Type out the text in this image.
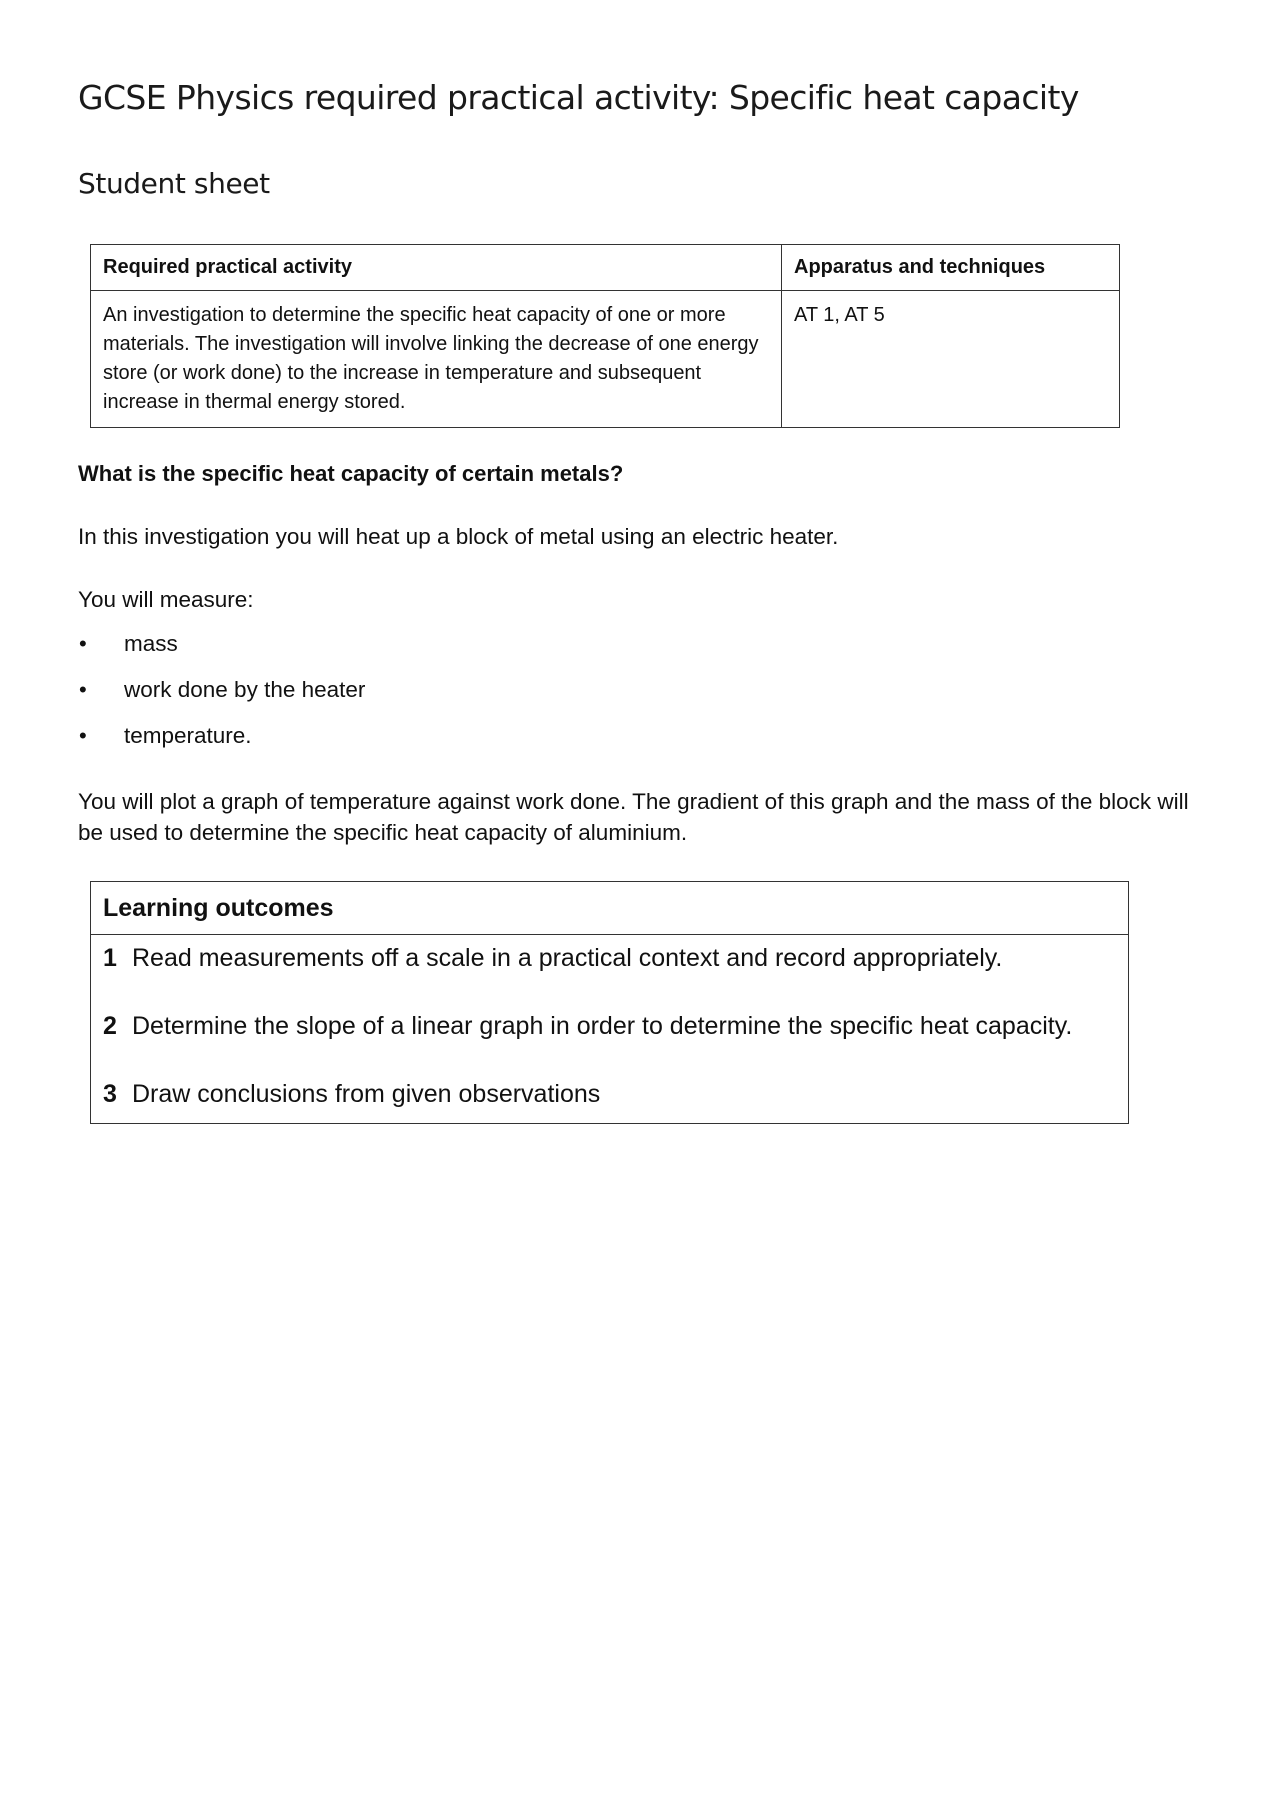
GCSE Physics required practical activity: Specific heat capacity
Student sheet
Required practical activity	Apparatus and techniques
An investigation to determine the specific heat capacity of one or more materials. The investigation will involve linking the decrease of one energy store (or work done) to the increase in temperature and subsequent increase in thermal energy stored.	AT 1, AT 5

What is the specific heat capacity of certain metals?

In this investigation you will heat up a block of metal using an electric heater.

You will measure:

• mass
• work done by the heater
• temperature.

You will plot a graph of temperature against work done. The gradient of this graph and the mass of the block will be used to determine the specific heat capacity of aluminium.

Learning outcomes
1 Read measurements off a scale in a practical context and record appropriately.
2 Determine the slope of a linear graph in order to determine the specific heat capacity.
3 Draw conclusions from given observations
